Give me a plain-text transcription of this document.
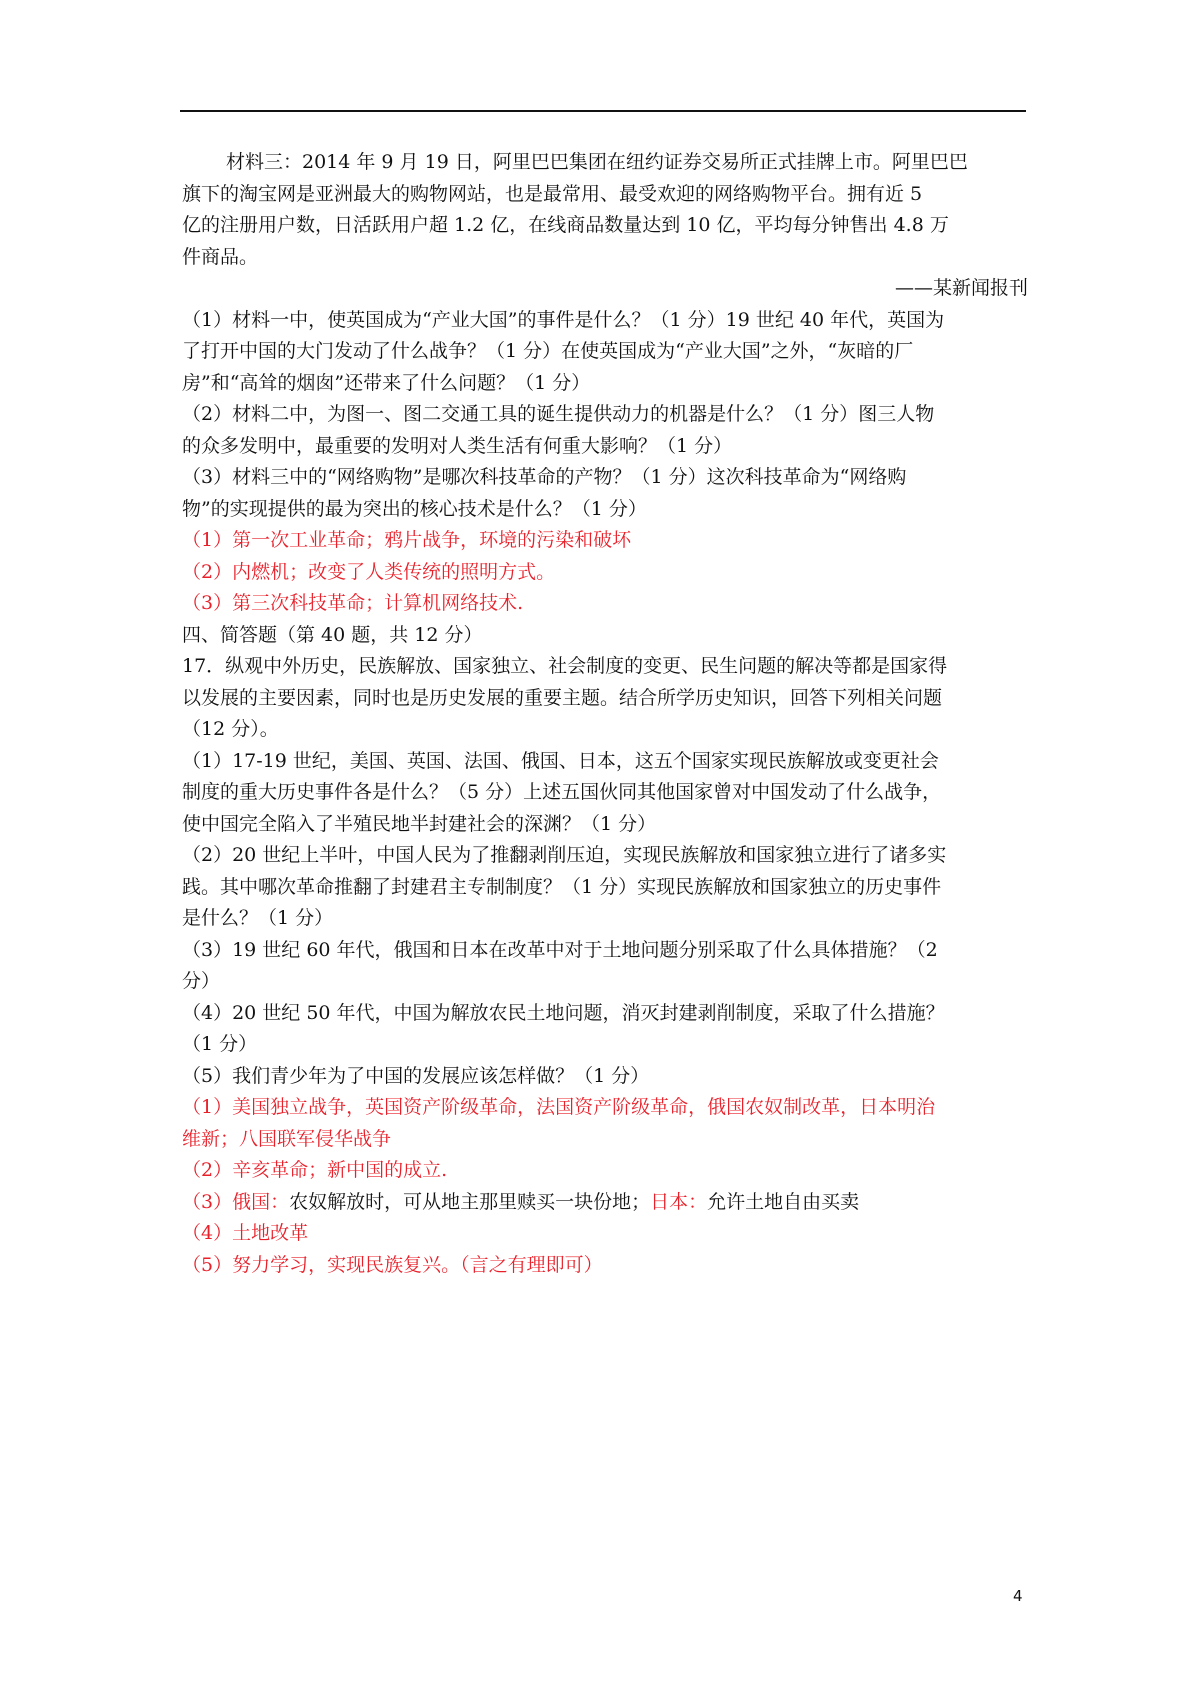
材料三：2014 年 9 月 19 日，阿里巴巴集团在纽约证券交易所正式挂牌上市。阿里巴巴
旗下的淘宝网是亚洲最大的购物网站，也是最常用、最受欢迎的网络购物平台。拥有近 5
亿的注册用户数，日活跃用户超 1.2 亿，在线商品数量达到 10 亿，平均每分钟售出 4.8 万
件商品。
——某新闻报刊
（1）材料一中，使英国成为“产业大国”的事件是什么？（1 分）19 世纪 40 年代，英国为
了打开中国的大门发动了什么战争？（1 分）在使英国成为“产业大国”之外，“灰暗的厂
房”和“高耸的烟囱”还带来了什么问题？（1 分）
（2）材料二中，为图一、图二交通工具的诞生提供动力的机器是什么？（1 分）图三人物
的众多发明中，最重要的发明对人类生活有何重大影响？（1 分）
（3）材料三中的“网络购物”是哪次科技革命的产物？（1 分）这次科技革命为“网络购
物”的实现提供的最为突出的核心技术是什么？（1 分）
（1）第一次工业革命；鸦片战争，环境的污染和破坏
（2）内燃机；改变了人类传统的照明方式。
（3）第三次科技革命；计算机网络技术.
四、简答题（第 40 题，共 12 分）
17．纵观中外历史，民族解放、国家独立、社会制度的变更、民生问题的解决等都是国家得
以发展的主要因素，同时也是历史发展的重要主题。结合所学历史知识，回答下列相关问题
（12 分）。
（1）17-19 世纪，美国、英国、法国、俄国、日本，这五个国家实现民族解放或变更社会
制度的重大历史事件各是什么？（5 分）上述五国伙同其他国家曾对中国发动了什么战争，
使中国完全陷入了半殖民地半封建社会的深渊？（1 分）
（2）20 世纪上半叶，中国人民为了推翻剥削压迫，实现民族解放和国家独立进行了诸多实
践。其中哪次革命推翻了封建君主专制制度？（1 分）实现民族解放和国家独立的历史事件
是什么？（1 分）
（3）19 世纪 60 年代，俄国和日本在改革中对于土地问题分别采取了什么具体措施？（2
分）
（4）20 世纪 50 年代，中国为解放农民土地问题，消灭封建剥削制度，采取了什么措施？
（1 分）
（5）我们青少年为了中国的发展应该怎样做？（1 分）
（1）美国独立战争，英国资产阶级革命，法国资产阶级革命，俄国农奴制改革，日本明治
维新；八国联军侵华战争
（2）辛亥革命；新中国的成立.
（3）俄国：农奴解放时，可从地主那里赎买一块份地；日本：允许土地自由买卖
（4）土地改革
（5）努力学习，实现民族复兴。（言之有理即可）
4
